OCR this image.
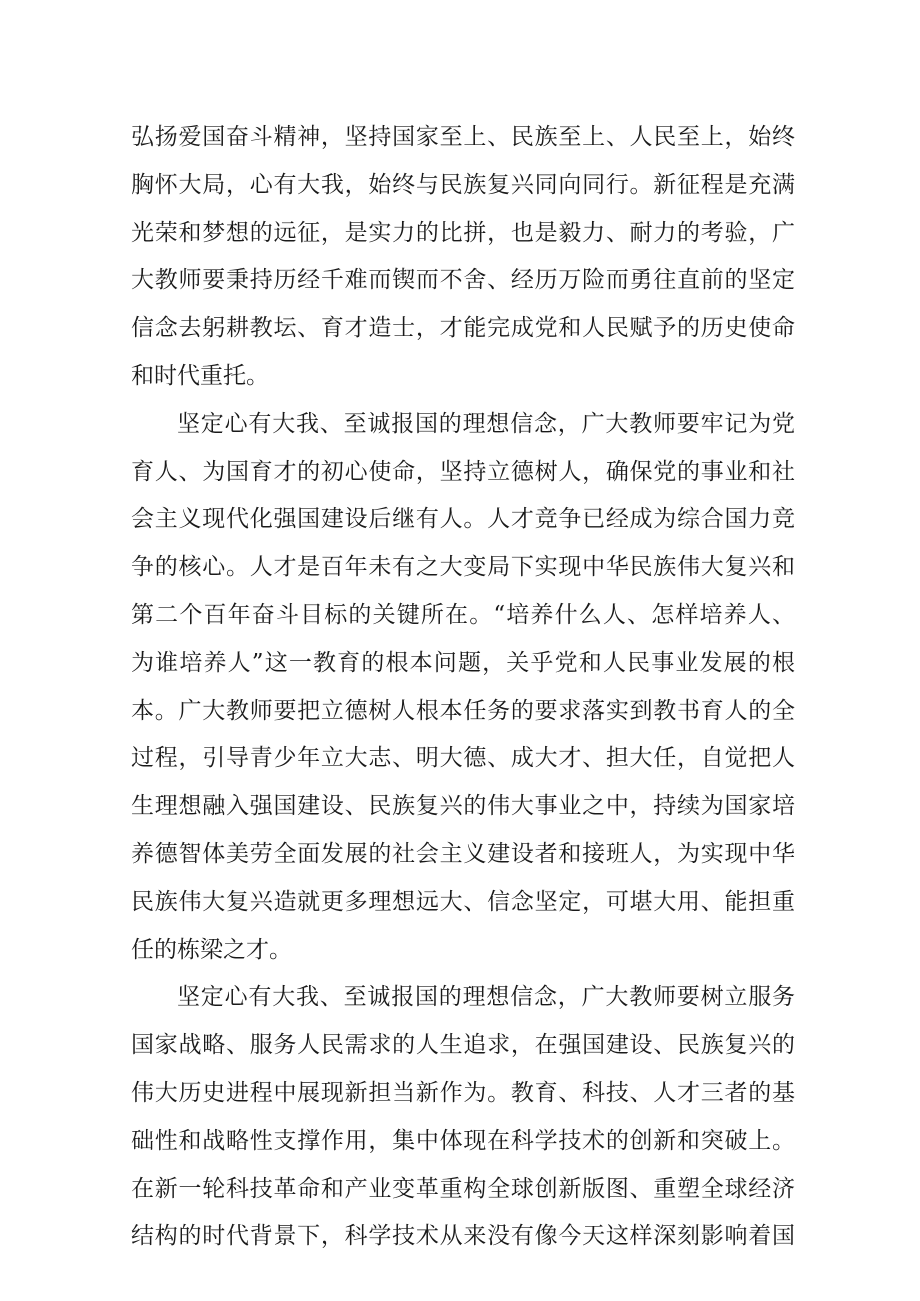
弘扬爱国奋斗精神，坚持国家至上、民族至上、人民至上，始终
胸怀大局，心有大我，始终与民族复兴同向同行。新征程是充满
光荣和梦想的远征，是实力的比拼，也是毅力、耐力的考验，广
大教师要秉持历经千难而锲而不舍、经历万险而勇往直前的坚定
信念去躬耕教坛、育才造士，才能完成党和人民赋予的历史使命
和时代重托。
坚定心有大我、至诚报国的理想信念，广大教师要牢记为党
育人、为国育才的初心使命，坚持立德树人，确保党的事业和社
会主义现代化强国建设后继有人。人才竞争已经成为综合国力竞
争的核心。人才是百年未有之大变局下实现中华民族伟大复兴和
第二个百年奋斗目标的关键所在。“培养什么人、怎样培养人、
为谁培养人”这一教育的根本问题，关乎党和人民事业发展的根
本。广大教师要把立德树人根本任务的要求落实到教书育人的全
过程，引导青少年立大志、明大德、成大才、担大任，自觉把人
生理想融入强国建设、民族复兴的伟大事业之中，持续为国家培
养德智体美劳全面发展的社会主义建设者和接班人，为实现中华
民族伟大复兴造就更多理想远大、信念坚定，可堪大用、能担重
任的栋梁之才。
坚定心有大我、至诚报国的理想信念，广大教师要树立服务
国家战略、服务人民需求的人生追求，在强国建设、民族复兴的
伟大历史进程中展现新担当新作为。教育、科技、人才三者的基
础性和战略性支撑作用，集中体现在科学技术的创新和突破上。
在新一轮科技革命和产业变革重构全球创新版图、重塑全球经济
结构的时代背景下，科学技术从来没有像今天这样深刻影响着国
